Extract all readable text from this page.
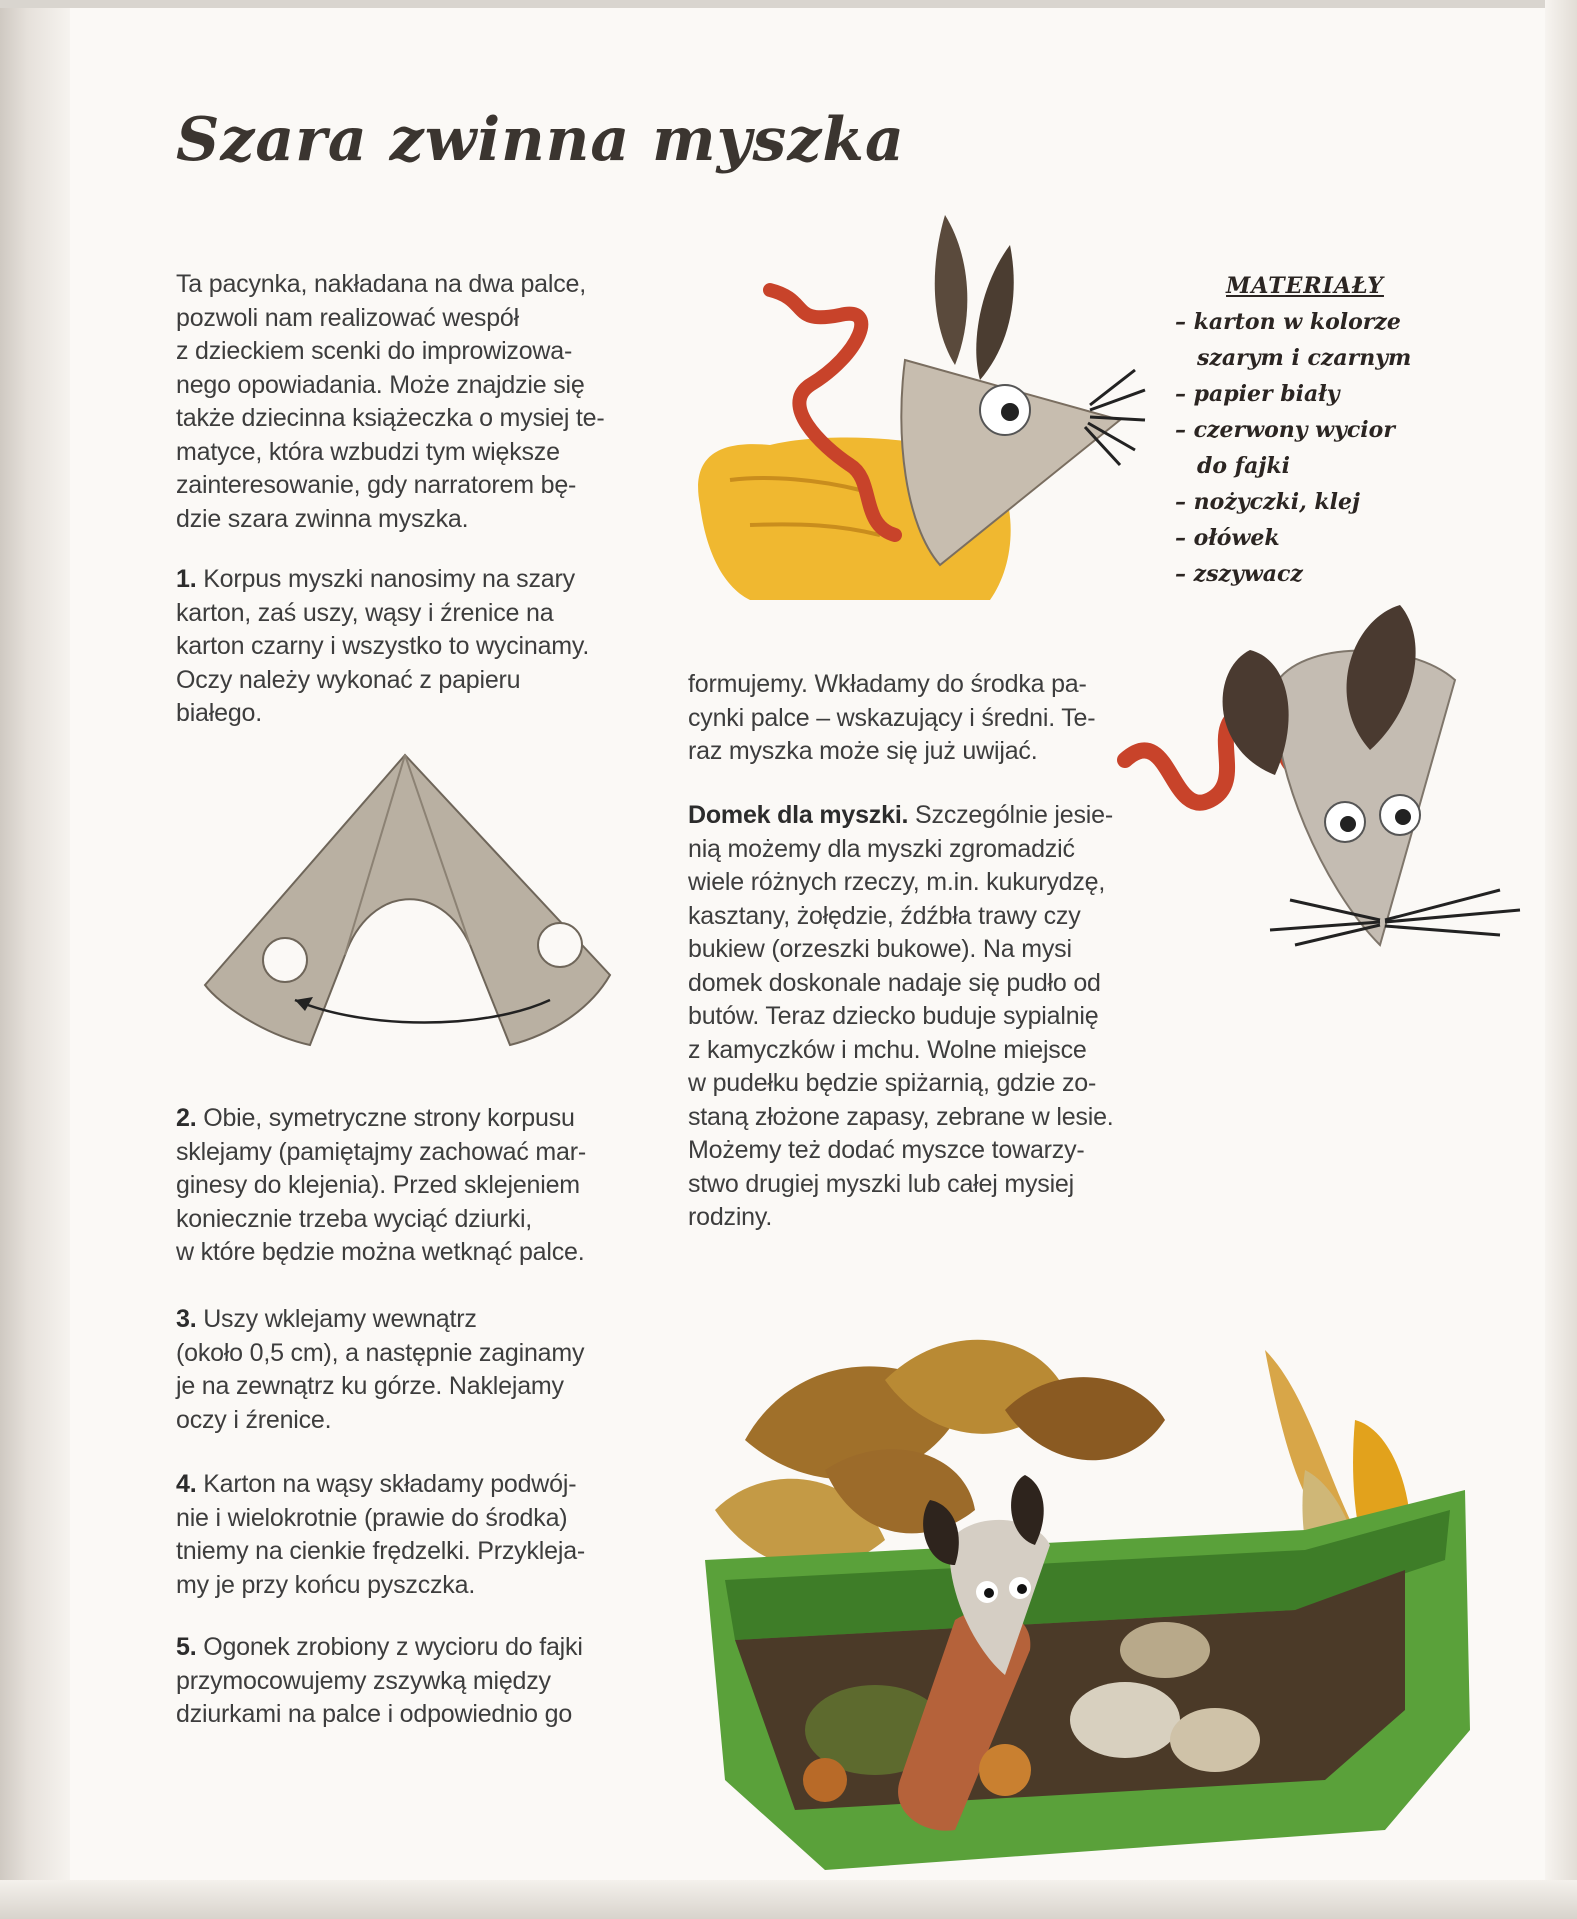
Szara zwinna myszka
Ta pacynka, nakładana na dwa palce,
pozwoli nam realizować wespół
z dzieckiem scenki do improwizowa-
nego opowiadania. Może znajdzie się
także dziecinna książeczka o mysiej te-
matyce, która wzbudzi tym większe
zainteresowanie, gdy narratorem bę-
dzie szara zwinna myszka.
1. Korpus myszki nanosimy na szary
karton, zaś uszy, wąsy i źrenice na
karton czarny i wszystko to wycinamy.
Oczy należy wykonać z papieru
białego.
2. Obie, symetryczne strony korpusu
sklejamy (pamiętajmy zachować mar-
ginesy do klejenia). Przed sklejeniem
koniecznie trzeba wyciąć dziurki,
w które będzie można wetknąć palce.
3. Uszy wklejamy wewnątrz
(około 0,5 cm), a następnie zaginamy
je na zewnątrz ku górze. Naklejamy
oczy i źrenice.
4. Karton na wąsy składamy podwój-
nie i wielokrotnie (prawie do środka)
tniemy na cienkie frędzelki. Przykleja-
my je przy końcu pyszczka.
5. Ogonek zrobiony z wycioru do fajki
przymocowujemy zszywką między
dziurkami na palce i odpowiednio go
formujemy. Wkładamy do środka pa-
cynki palce – wskazujący i średni. Te-
raz myszka może się już uwijać.
Domek dla myszki. Szczególnie jesie-
nią możemy dla myszki zgromadzić
wiele różnych rzeczy, m.in. kukurydzę,
kasztany, żołędzie, źdźbła trawy czy
bukiew (orzeszki bukowe). Na mysi
domek doskonale nadaje się pudło od
butów. Teraz dziecko buduje sypialnię
z kamyczków i mchu. Wolne miejsce
w pudełku będzie spiżarnią, gdzie zo-
staną złożone zapasy, zebrane w lesie.
Możemy też dodać myszce towarzy-
stwo drugiej myszki lub całej mysiej
rodziny.
MATERIAŁY
– karton w kolorze
szarym i czarnym
– papier biały
– czerwony wycior
do fajki
– nożyczki, klej
– ołówek
– zszywacz
